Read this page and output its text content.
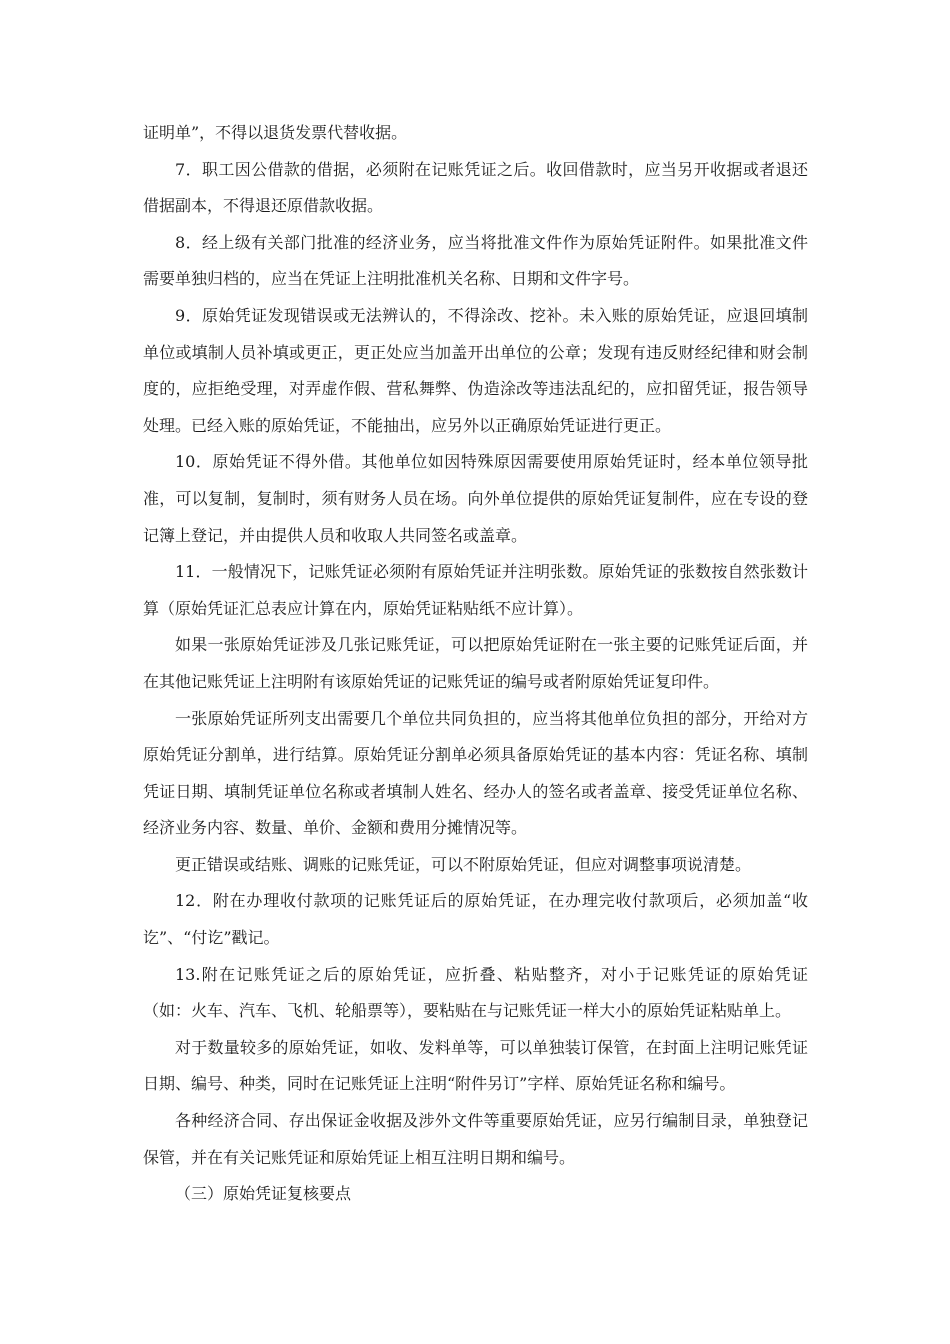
证明单”，不得以退货发票代替收据。

7．职工因公借款的借据，必须附在记账凭证之后。收回借款时，应当另开收据或者退还借据副本，不得退还原借款收据。

8．经上级有关部门批准的经济业务，应当将批准文件作为原始凭证附件。如果批准文件需要单独归档的，应当在凭证上注明批准机关名称、日期和文件字号。

9．原始凭证发现错误或无法辨认的，不得涂改、挖补。未入账的原始凭证，应退回填制单位或填制人员补填或更正，更正处应当加盖开出单位的公章；发现有违反财经纪律和财会制度的，应拒绝受理，对弄虚作假、营私舞弊、伪造涂改等违法乱纪的，应扣留凭证，报告领导处理。已经入账的原始凭证，不能抽出，应另外以正确原始凭证进行更正。

10．原始凭证不得外借。其他单位如因特殊原因需要使用原始凭证时，经本单位领导批准，可以复制，复制时，须有财务人员在场。向外单位提供的原始凭证复制件，应在专设的登记簿上登记，并由提供人员和收取人共同签名或盖章。

11．一般情况下，记账凭证必须附有原始凭证并注明张数。原始凭证的张数按自然张数计算（原始凭证汇总表应计算在内，原始凭证粘贴纸不应计算）。

如果一张原始凭证涉及几张记账凭证，可以把原始凭证附在一张主要的记账凭证后面，并在其他记账凭证上注明附有该原始凭证的记账凭证的编号或者附原始凭证复印件。

一张原始凭证所列支出需要几个单位共同负担的，应当将其他单位负担的部分，开给对方原始凭证分割单，进行结算。原始凭证分割单必须具备原始凭证的基本内容：凭证名称、填制凭证日期、填制凭证单位名称或者填制人姓名、经办人的签名或者盖章、接受凭证单位名称、经济业务内容、数量、单价、金额和费用分摊情况等。

更正错误或结账、调账的记账凭证，可以不附原始凭证，但应对调整事项说清楚。

12．附在办理收付款项的记账凭证后的原始凭证，在办理完收付款项后，必须加盖“收讫”、“付讫”戳记。

13.附在记账凭证之后的原始凭证，应折叠、粘贴整齐，对小于记账凭证的原始凭证（如：火车、汽车、飞机、轮船票等），要粘贴在与记账凭证一样大小的原始凭证粘贴单上。

对于数量较多的原始凭证，如收、发料单等，可以单独装订保管，在封面上注明记账凭证日期、编号、种类，同时在记账凭证上注明“附件另订”字样、原始凭证名称和编号。

各种经济合同、存出保证金收据及涉外文件等重要原始凭证，应另行编制目录，单独登记保管，并在有关记账凭证和原始凭证上相互注明日期和编号。

（三）原始凭证复核要点
